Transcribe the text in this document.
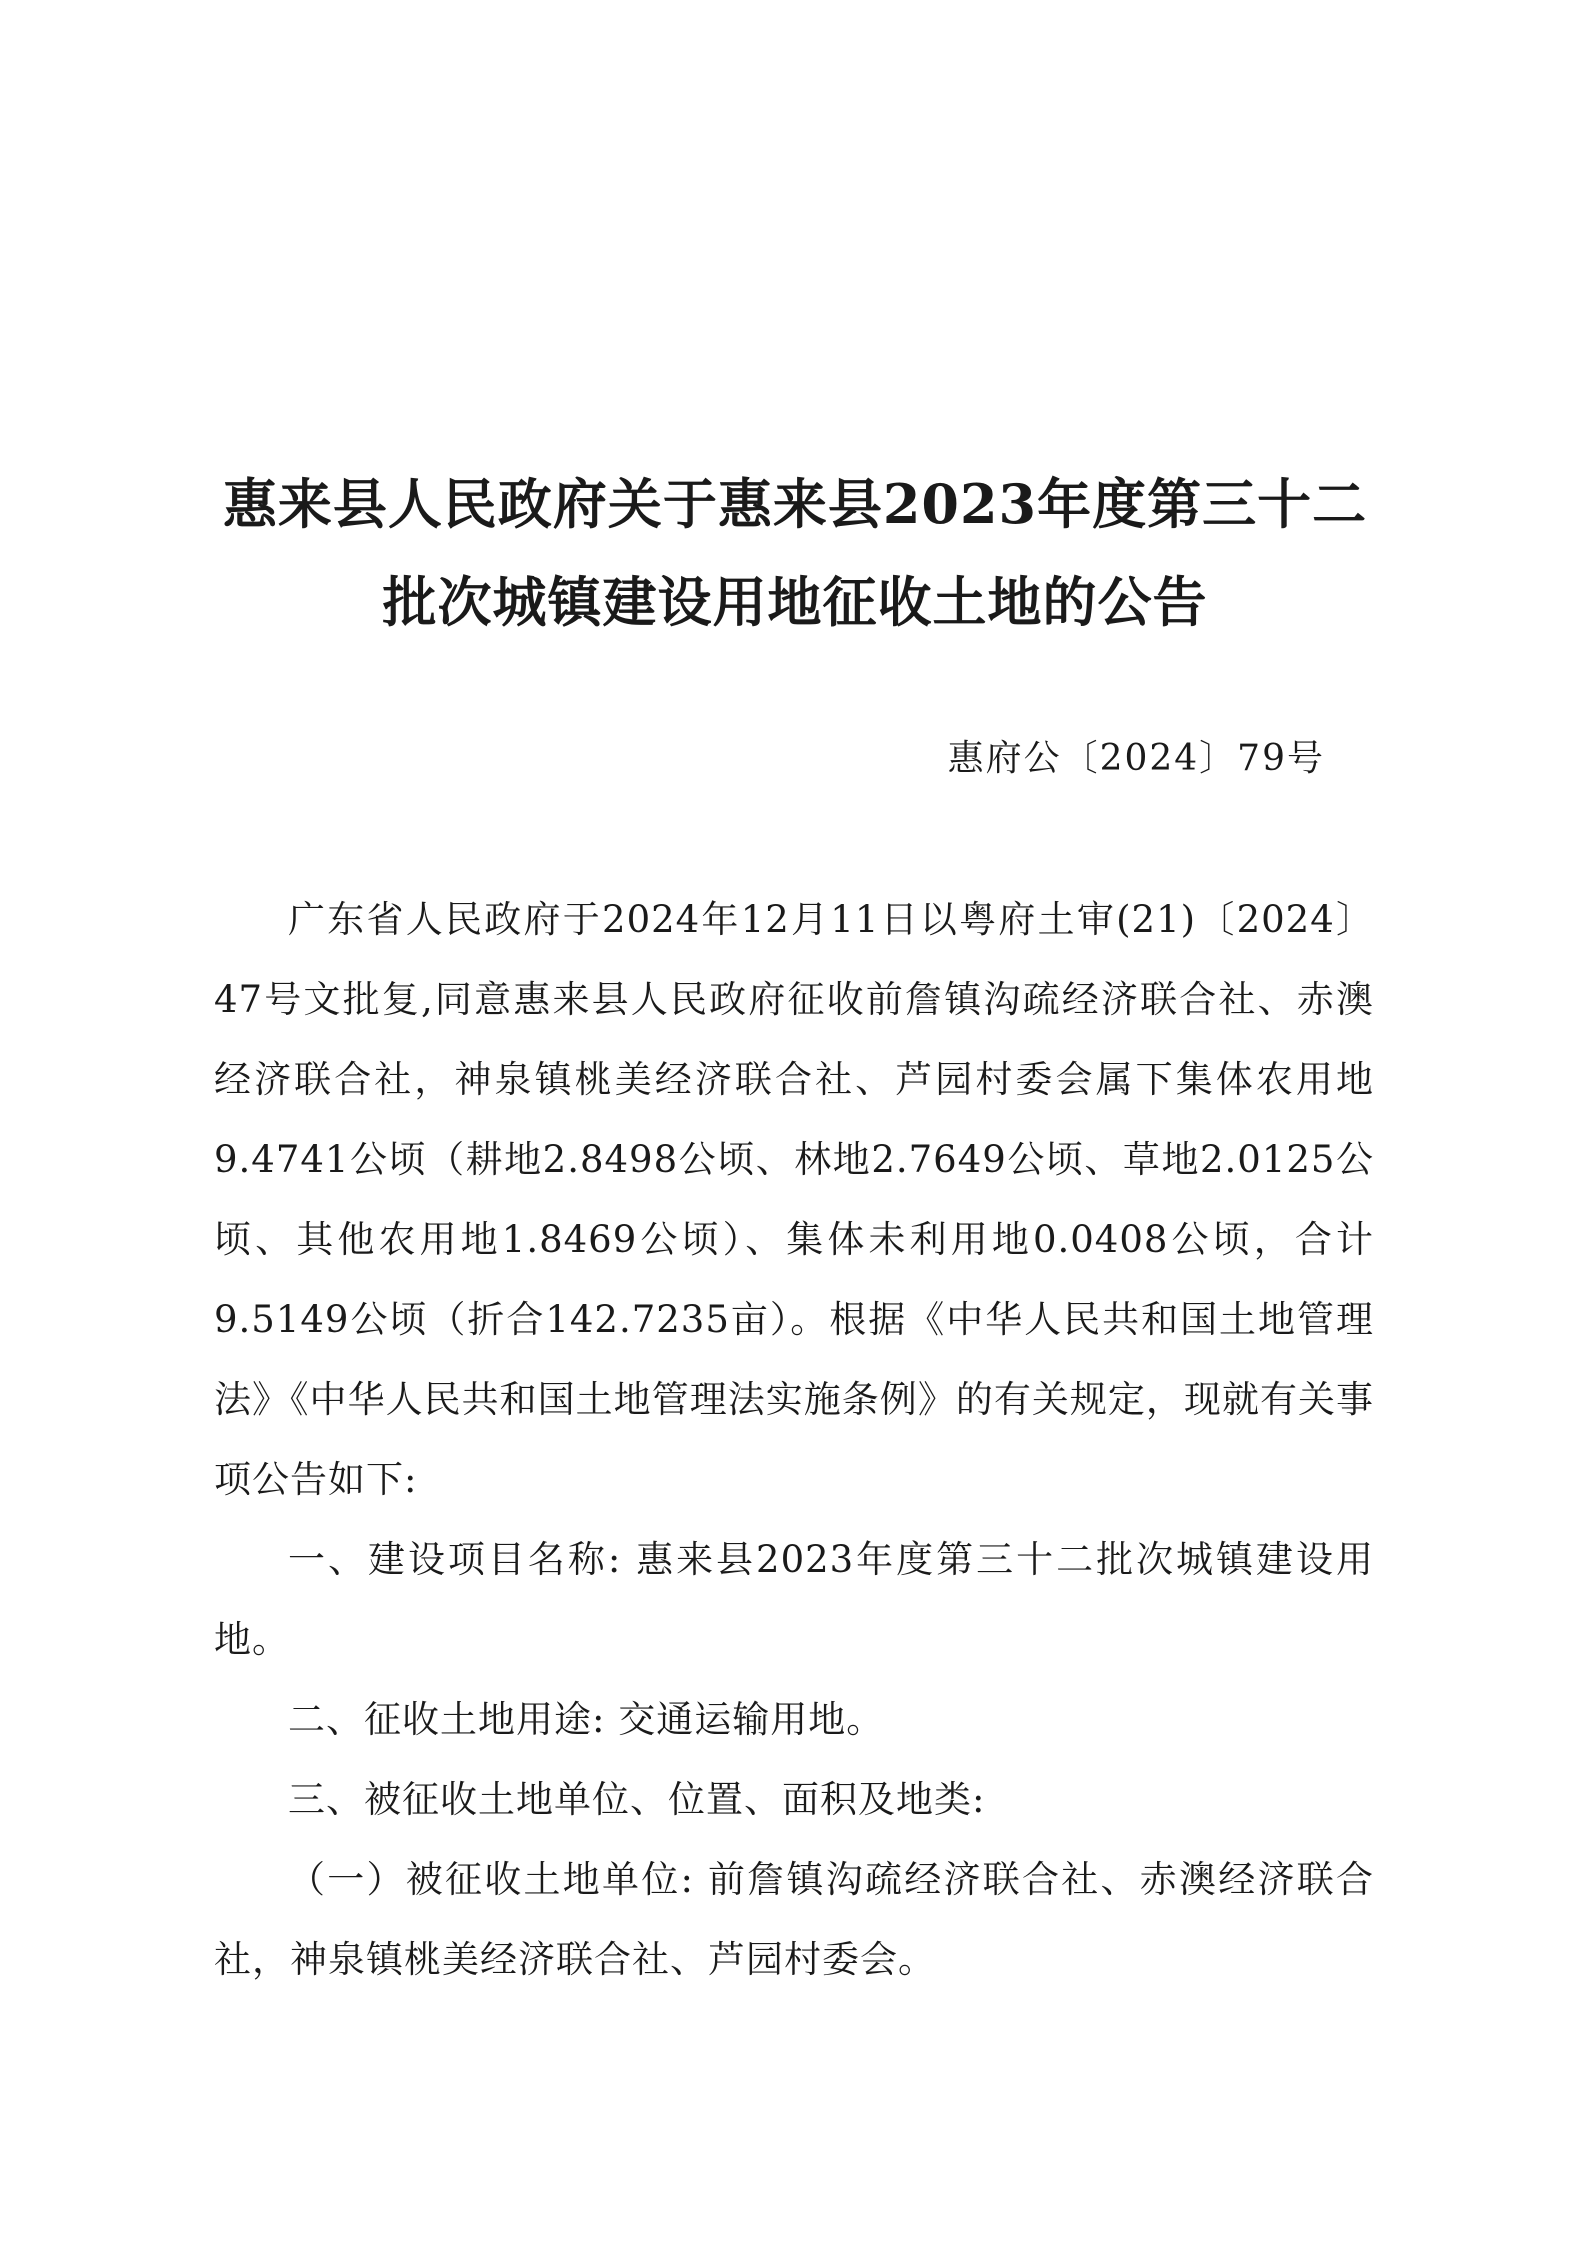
惠来县人民政府关于惠来县2023年度第三十二
批次城镇建设用地征收土地的公告
惠府公〔2024〕79号

广东省人民政府于2024年12月11日以粤府土审(21)〔2024〕47号文批复,同意惠来县人民政府征收前詹镇沟疏经济联合社、赤澳经济联合社，神泉镇桃美经济联合社、芦园村委会属下集体农用地9.4741公顷（耕地2.8498公顷、林地2.7649公顷、草地2.0125公顷、其他农用地1.8469公顷）、集体未利用地0.0408公顷，合计9.5149公顷（折合142.7235亩）。根据《中华人民共和国土地管理法》《中华人民共和国土地管理法实施条例》的有关规定，现就有关事项公告如下:

一、建设项目名称: 惠来县2023年度第三十二批次城镇建设用地。

二、征收土地用途: 交通运输用地。

三、被征收土地单位、位置、面积及地类:

（一）被征收土地单位: 前詹镇沟疏经济联合社、赤澳经济联合社，神泉镇桃美经济联合社、芦园村委会。
